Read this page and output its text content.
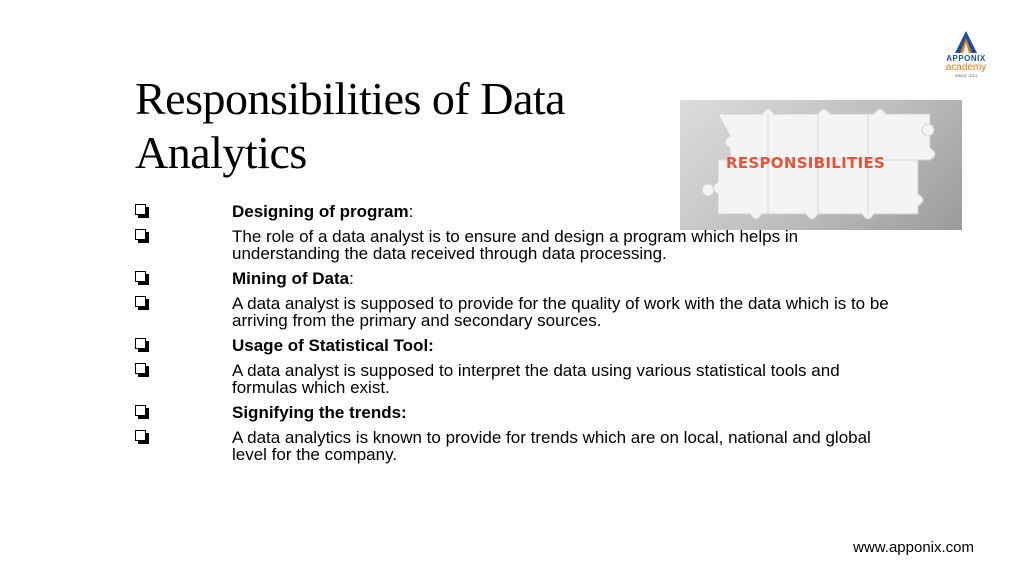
Responsibilities of Data
Analytics
APPONIX
academy
SINCE 2013
RESPONSIBILITIES
Designing of program:
The role of a data analyst is to ensure and design a program which helps in understanding the data received through data processing.
Mining of Data:
A data analyst is supposed to provide for the quality of work with the data which is to be arriving from the primary and secondary sources.
Usage of Statistical Tool:
A data analyst is supposed to interpret the data using various statistical tools and formulas which exist.
Signifying the trends:
A data analytics is known to provide for trends which are on local, national and global level for the company.
www.apponix.com
